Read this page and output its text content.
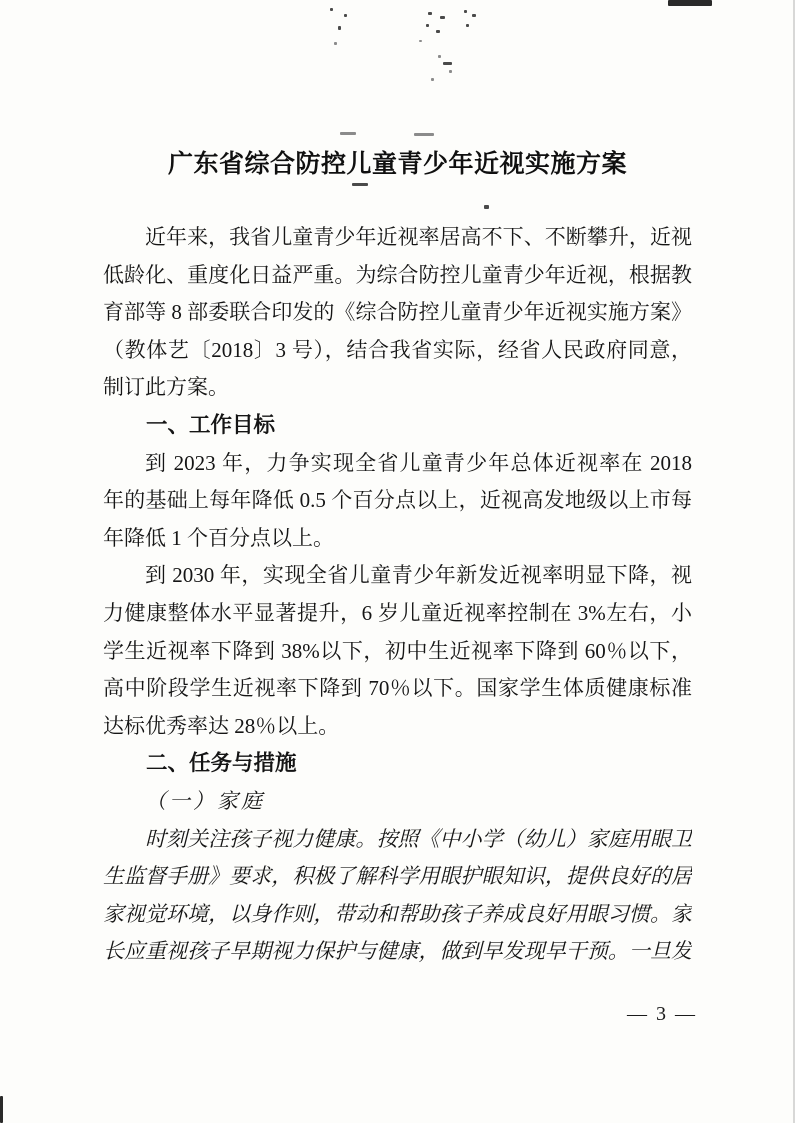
广东省综合防控儿童青少年近视实施方案
近年来，我省儿童青少年近视率居高不下、不断攀升，近视
低龄化、重度化日益严重。为综合防控儿童青少年近视，根据教
育部等 8 部委联合印发的《综合防控儿童青少年近视实施方案》
（教体艺〔2018〕3 号），结合我省实际，经省人民政府同意，
制订此方案。
一、工作目标
到 2023 年，力争实现全省儿童青少年总体近视率在 2018
年的基础上每年降低 0.5 个百分点以上，近视高发地级以上市每
年降低 1 个百分点以上。
到 2030 年，实现全省儿童青少年新发近视率明显下降，视
力健康整体水平显著提升，6 岁儿童近视率控制在 3%左右，小
学生近视率下降到 38%以下，初中生近视率下降到 60％以下，
高中阶段学生近视率下降到 70％以下。国家学生体质健康标准
达标优秀率达 28％以上。
二、任务与措施
（一）家庭
时刻关注孩子视力健康。按照《中小学（幼儿）家庭用眼卫
生监督手册》要求，积极了解科学用眼护眼知识，提供良好的居
家视觉环境，以身作则，带动和帮助孩子养成良好用眼习惯。家
长应重视孩子早期视力保护与健康，做到早发现早干预。一旦发
— 3 —
